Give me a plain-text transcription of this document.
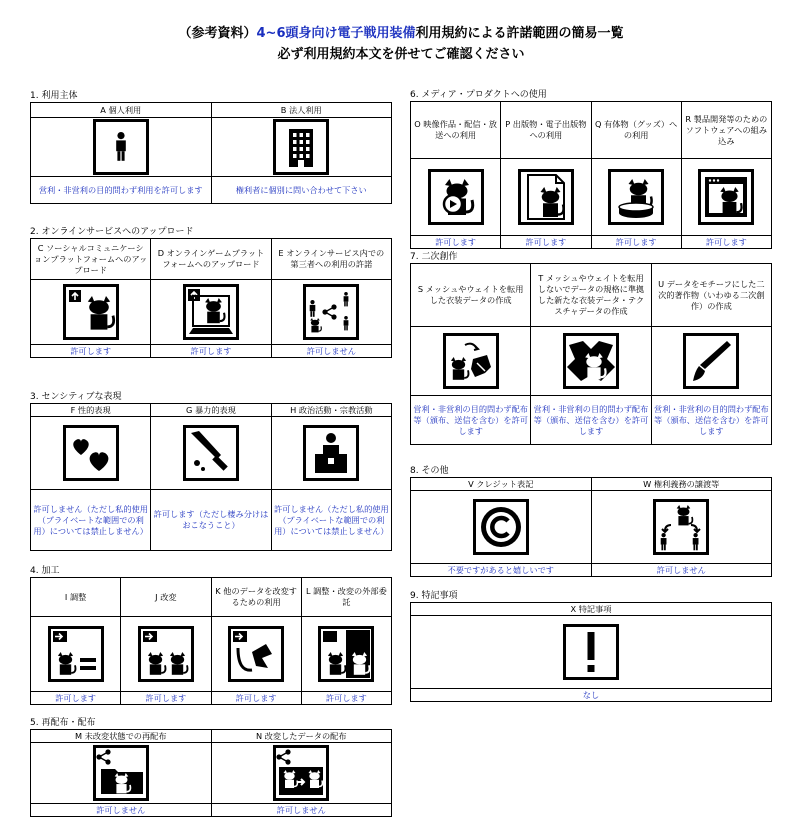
（参考資料）4~6頭身向け電子戦用装備利用規約による許諾範囲の簡易一覧
必ず利用規約本文を併せてご確認ください
1. 利用主体
A 個人利用	B 法人利用

営利・非営利の目的問わず利用を許可します	権利者に個別に問い合わせて下さい
2. オンラインサービスへのアップロード
C ソーシャルコミュニケーションプラットフォームへのアップロード	D オンラインゲームプラットフォームへのアップロード	E オンラインサービス内での第三者への利用の許諾

許可します	許可します	許可しません
3. センシティブな表現
F 性的表現	G 暴力的表現	H 政治活動・宗教活動

許可しません（ただし私的使用（プライベートな範囲での利用）については禁止しません）	許可します（ただし棲み分けはおこなうこと）	許可しません（ただし私的使用（プライベートな範囲での利用）については禁止しません）
4. 加工
I 調整	J 改変	K 他のデータを改変するための利用	L 調整・改変の外部委託

許可します	許可します	許可します	許可します
5. 再配布・配布
M 未改変状態での再配布	N 改変したデータの配布

許可しません	許可しません
6. メディア・プロダクトへの使用
O 映像作品・配信・放送への利用	P 出版物・電子出版物への利用	Q 有体物（グッズ）への利用	R 製品開発等のためのソフトウェアへの組み込み

許可します	許可します	許可します	許可します
7. 二次創作
S メッシュやウェイトを転用した衣装データの作成	T メッシュやウェイトを転用しないでデータの規格に準拠した新たな衣装データ・テクスチャデータの作成	U データをモチーフにした二次的著作物（いわゆる二次創作）の作成

営利・非営利の目的問わず配布等（頒布、送信を含む）を許可します	営利・非営利の目的問わず配布等（頒布、送信を含む）を許可します	営利・非営利の目的問わず配布等（頒布、送信を含む）を許可します
8. その他
V クレジット表記	W 権利義務の譲渡等

不要ですがあると嬉しいです	許可しません
9. 特記事項
X 特記事項

なし
